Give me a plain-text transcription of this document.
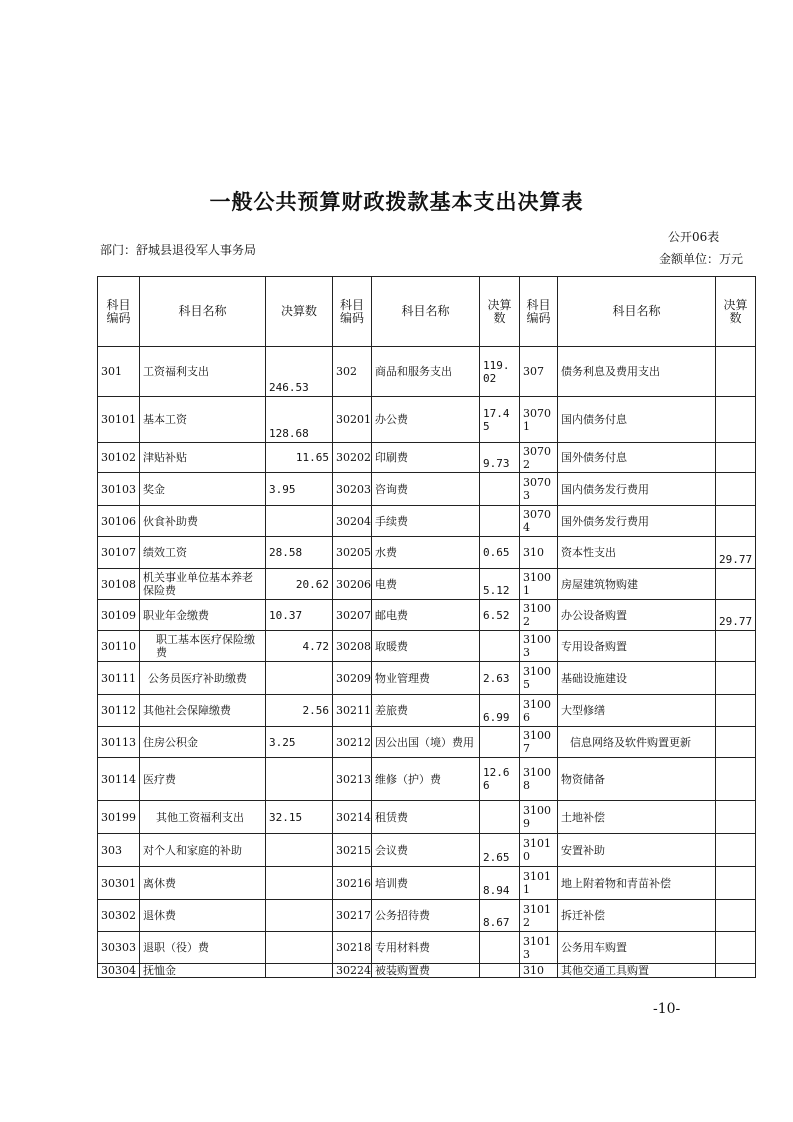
一般公共预算财政拨款基本支出决算表
公开06表
部门：舒城县退役军人事务局
金额单位：万元
科目编码	科目名称	决算数	科目编码	科目名称	决算数	科目编码	科目名称	决算数
301	工资福利支出	246.53	302	商品和服务支出	119.02	307	债务利息及费用支出	
30101	基本工资	128.68	30201	办公费	17.45	30701	国内债务付息	
30102	津贴补贴	11.65	30202	印刷费	9.73	30702	国外债务付息	
30103	奖金	3.95	30203	咨询费		30703	国内债务发行费用	
30106	伙食补助费		30204	手续费		30704	国外债务发行费用	
30107	绩效工资	28.58	30205	水费	0.65	310	资本性支出	29.77
30108	机关事业单位基本养老保险费	20.62	30206	电费	5.12	31001	房屋建筑物购建	
30109	职业年金缴费	10.37	30207	邮电费	6.52	31002	办公设备购置	29.77
30110	职工基本医疗保险缴费	4.72	30208	取暖费		31003	专用设备购置	
30111	公务员医疗补助缴费		30209	物业管理费	2.63	31005	基础设施建设	
30112	其他社会保障缴费	2.56	30211	差旅费	6.99	31006	大型修缮	
30113	住房公积金	3.25	30212	因公出国（境）费用		31007	信息网络及软件购置更新	
30114	医疗费		30213	维修（护）费	12.66	31008	物资储备	
30199	其他工资福利支出	32.15	30214	租赁费		31009	土地补偿	
303	对个人和家庭的补助		30215	会议费	2.65	31010	安置补助	
30301	离休费		30216	培训费	8.94	31011	地上附着物和青苗补偿	
30302	退休费		30217	公务招待费	8.67	31012	拆迁补偿	
30303	退职（役）费		30218	专用材料费		31013	公务用车购置	
30304	抚恤金		30224	被装购置费		310	其他交通工具购置	
-10-
